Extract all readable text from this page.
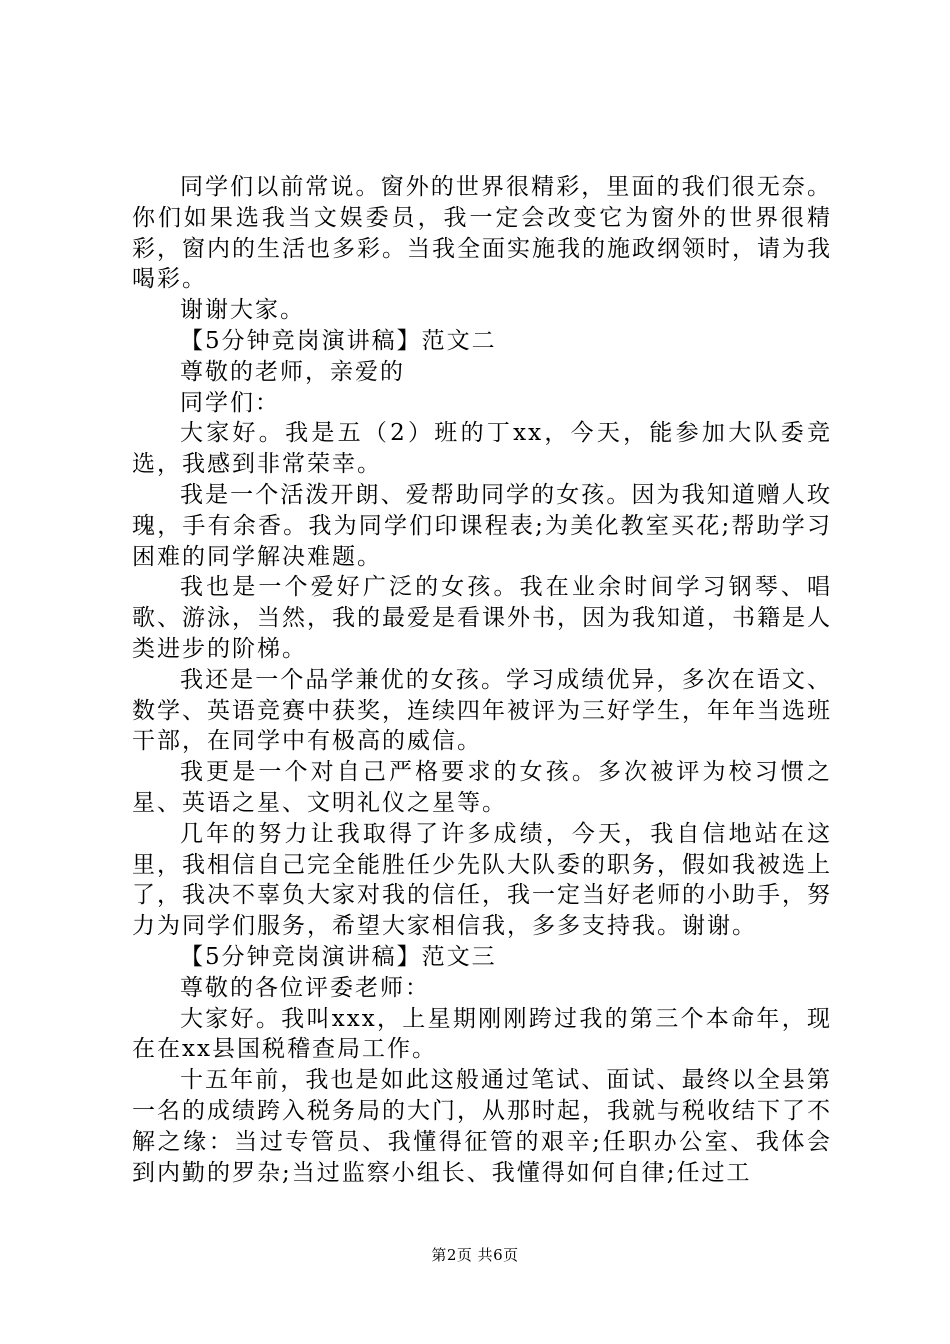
同学们以前常说。窗外的世界很精彩，里面的我们很无奈。你们如果选我当文娱委员，我一定会改变它为窗外的世界很精彩，窗内的生活也多彩。当我全面实施我的施政纲领时，请为我喝彩。

谢谢大家。

【5分钟竞岗演讲稿】范文二

尊敬的老师，亲爱的

同学们：

大家好。我是五（2）班的丁xx，今天，能参加大队委竞选，我感到非常荣幸。

我是一个活泼开朗、爱帮助同学的女孩。因为我知道赠人玫瑰，手有余香。我为同学们印课程表;为美化教室买花;帮助学习困难的同学解决难题。

我也是一个爱好广泛的女孩。我在业余时间学习钢琴、唱歌、游泳，当然，我的最爱是看课外书，因为我知道，书籍是人类进步的阶梯。

我还是一个品学兼优的女孩。学习成绩优异，多次在语文、数学、英语竞赛中获奖，连续四年被评为三好学生，年年当选班干部，在同学中有极高的威信。

我更是一个对自己严格要求的女孩。多次被评为校习惯之星、英语之星、文明礼仪之星等。

几年的努力让我取得了许多成绩，今天，我自信地站在这里，我相信自己完全能胜任少先队大队委的职务，假如我被选上了，我决不辜负大家对我的信任，我一定当好老师的小助手，努力为同学们服务，希望大家相信我，多多支持我。谢谢。

【5分钟竞岗演讲稿】范文三

尊敬的各位评委老师：

大家好。我叫xxx，上星期刚刚跨过我的第三个本命年，现在在xx县国税稽查局工作。

十五年前，我也是如此这般通过笔试、面试、最终以全县第一名的成绩跨入税务局的大门，从那时起，我就与税收结下了不解之缘：当过专管员、我懂得征管的艰辛;任职办公室、我体会到内勤的罗杂;当过监察小组长、我懂得如何自律;任过工

第2页 共6页
